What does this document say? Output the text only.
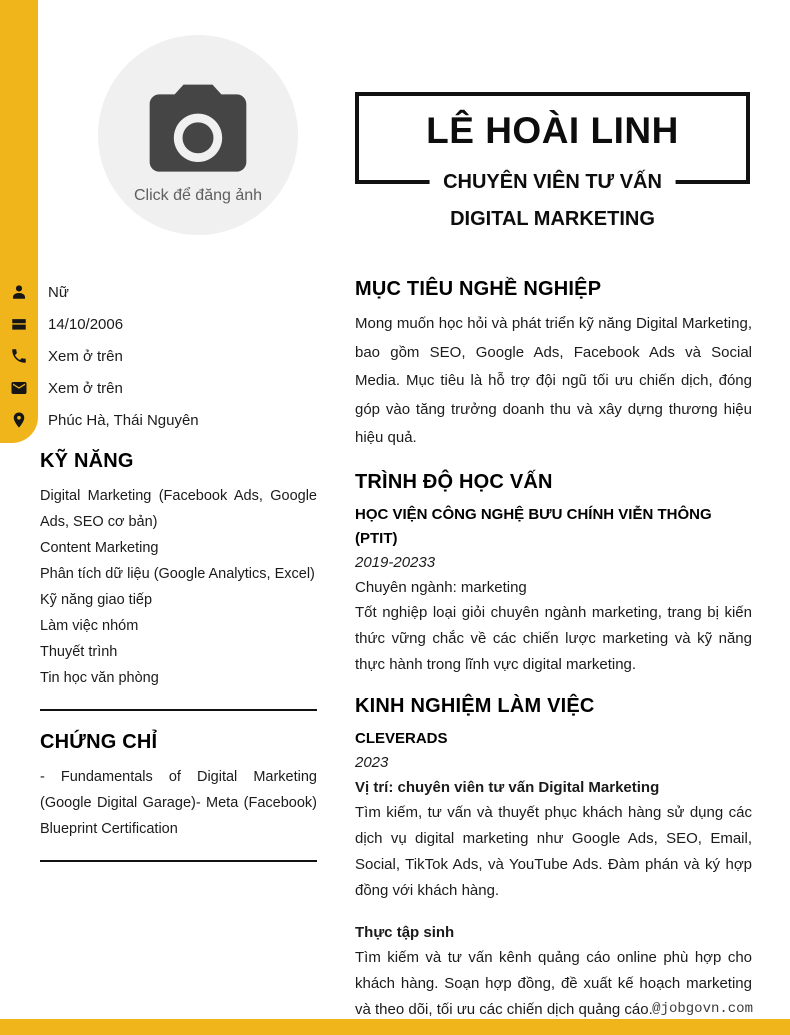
Click để đăng ảnh
LÊ HOÀI LINH
CHUYÊN VIÊN TƯ VẤN
DIGITAL MARKETING
Nữ
14/10/2006
Xem ở trên
Xem ở trên
Phúc Hà, Thái Nguyên
KỸ NĂNG
Digital Marketing (Facebook Ads, Google Ads, SEO cơ bản)
Content Marketing
Phân tích dữ liệu (Google Analytics, Excel)
Kỹ năng giao tiếp
Làm việc nhóm
Thuyết trình
Tin học văn phòng
CHỨNG CHỈ

- Fundamentals of Digital Marketing (Google Digital Garage)- Meta (Facebook) Blueprint Certification

MỤC TIÊU NGHỀ NGHIỆP

Mong muốn học hỏi và phát triển kỹ năng Digital Marketing, bao gồm SEO, Google Ads, Facebook Ads và Social Media. Mục tiêu là hỗ trợ đội ngũ tối ưu chiến dịch, đóng góp vào tăng trưởng doanh thu và xây dựng thương hiệu hiệu quả.

TRÌNH ĐỘ HỌC VẤN
HỌC VIỆN CÔNG NGHỆ BƯU CHÍNH VIỄN THÔNG (PTIT)
2019-20233
Chuyên ngành: marketing

Tốt nghiệp loại giỏi chuyên ngành marketing, trang bị kiến thức vững chắc về các chiến lược marketing và kỹ năng thực hành trong lĩnh vực digital marketing.

KINH NGHIỆM LÀM VIỆC
CLEVERADS
2023
Vị trí: chuyên viên tư vấn Digital Marketing

Tìm kiếm, tư vấn và thuyết phục khách hàng sử dụng các dịch vụ digital marketing như Google Ads, SEO, Email, Social, TikTok Ads, và YouTube Ads. Đàm phán và ký hợp đồng với khách hàng.

Thực tập sinh

Tìm kiếm và tư vấn kênh quảng cáo online phù hợp cho khách hàng. Soạn hợp đồng, đề xuất kế hoạch marketing và theo dõi, tối ưu các chiến dịch quảng cáo. @jobgovn.com
